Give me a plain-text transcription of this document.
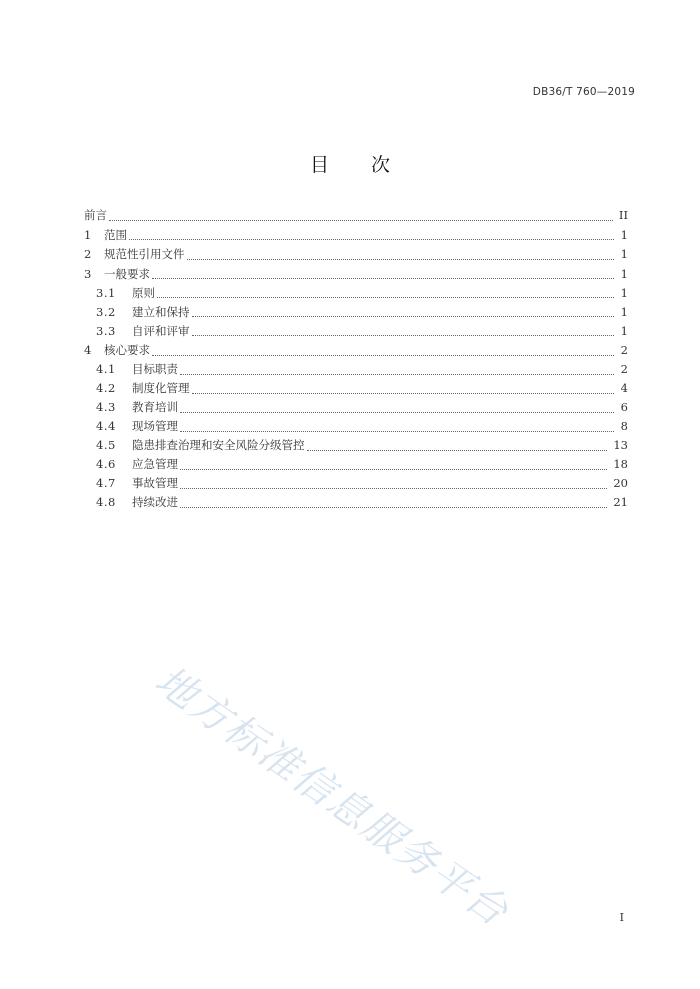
DB36/T 760—2019
目次
前言	II
1	范围	1
2	规范性引用文件	1
3	一般要求	1
3.1	原则	1
3.2	建立和保持	1
3.3	自评和评审	1
4	核心要求	2
4.1	目标职责	2
4.2	制度化管理	4
4.3	教育培训	6
4.4	现场管理	8
4.5	隐患排查治理和安全风险分级管控	13
4.6	应急管理	18
4.7	事故管理	20
4.8	持续改进	21
地方标准信息服务平台	I
